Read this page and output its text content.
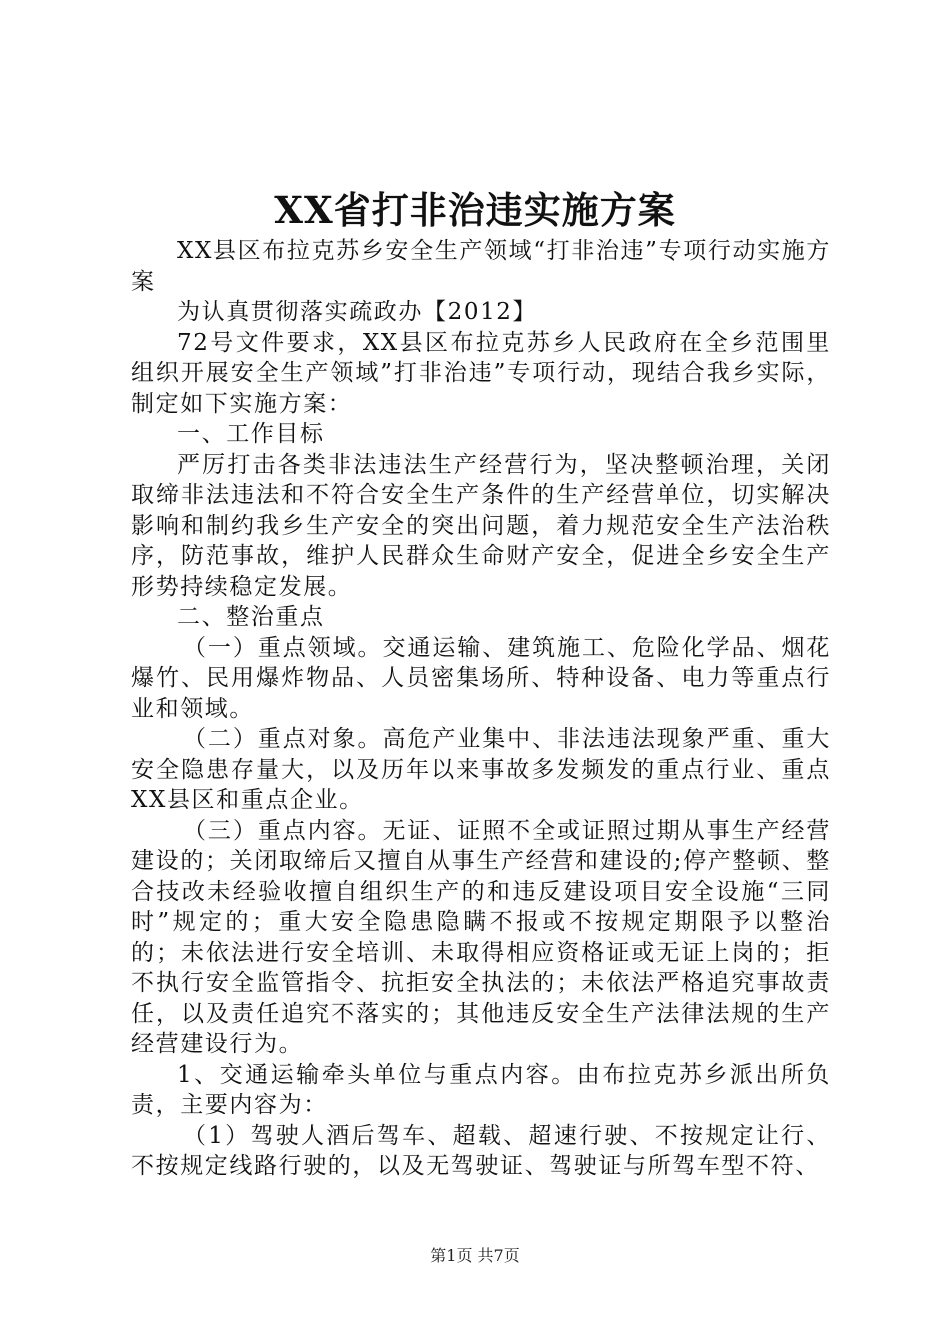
XX省打非治违实施方案

XX县区布拉克苏乡安全生产领域“打非治违”专项行动实施方案

为认真贯彻落实疏政办【2012】

72号文件要求，XX县区布拉克苏乡人民政府在全乡范围里组织开展安全生产领域”打非治违”专项行动，现结合我乡实际，制定如下实施方案：

一、工作目标

严厉打击各类非法违法生产经营行为，坚决整顿治理，关闭取缔非法违法和不符合安全生产条件的生产经营单位，切实解决影响和制约我乡生产安全的突出问题，着力规范安全生产法治秩序，防范事故，维护人民群众生命财产安全，促进全乡安全生产形势持续稳定发展。

二、整治重点

（一）重点领域。交通运输、建筑施工、危险化学品、烟花爆竹、民用爆炸物品、人员密集场所、特种设备、电力等重点行业和领域。

（二）重点对象。高危产业集中、非法违法现象严重、重大安全隐患存量大，以及历年以来事故多发频发的重点行业、重点XX县区和重点企业。

（三）重点内容。无证、证照不全或证照过期从事生产经营建设的；关闭取缔后又擅自从事生产经营和建设的;停产整顿、整合技改未经验收擅自组织生产的和违反建设项目安全设施“三同时”规定的；重大安全隐患隐瞒不报或不按规定期限予以整治的；未依法进行安全培训、未取得相应资格证或无证上岗的；拒不执行安全监管指令、抗拒安全执法的；未依法严格追究事故责任，以及责任追究不落实的；其他违反安全生产法律法规的生产经营建设行为。

1、交通运输牵头单位与重点内容。由布拉克苏乡派出所负责，主要内容为：

（1）驾驶人酒后驾车、超载、超速行驶、不按规定让行、不按规定线路行驶的，以及无驾驶证、驾驶证与所驾车型不符、

第1页 共7页
